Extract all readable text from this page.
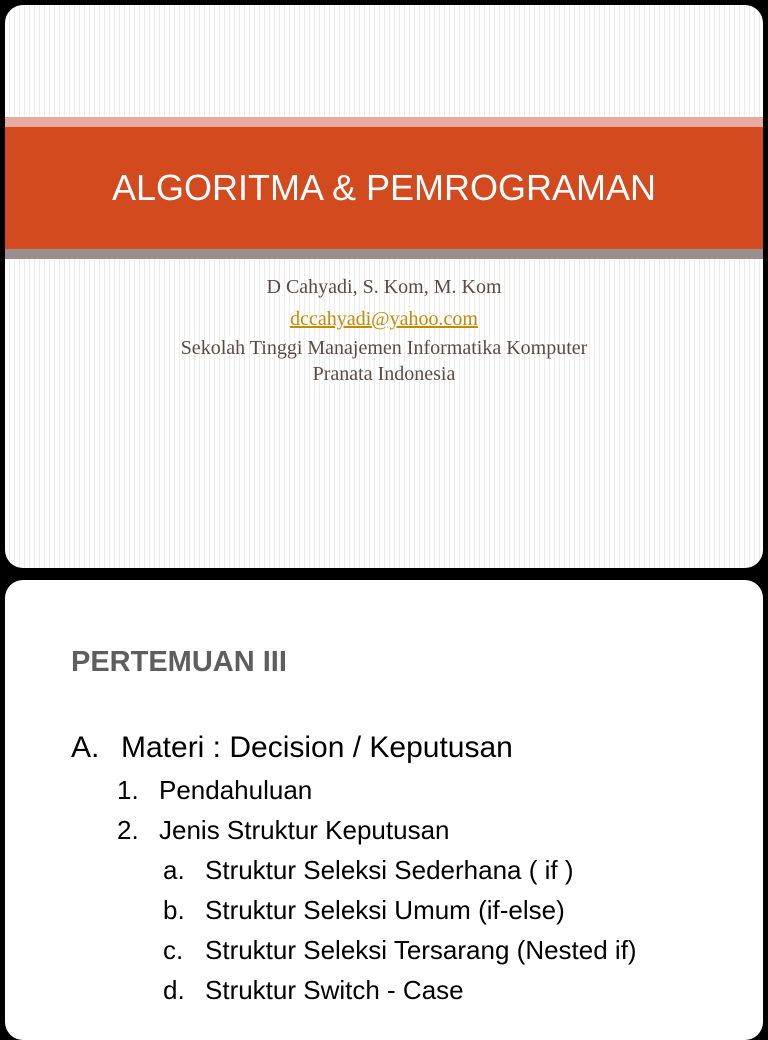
ALGORITMA & PEMROGRAMAN
D Cahyadi, S. Kom, M. Kom
dccahyadi@yahoo.com
Sekolah Tinggi Manajemen Informatika Komputer
Pranata Indonesia
PERTEMUAN III
A. Materi : Decision / Keputusan
1. Pendahuluan
2. Jenis Struktur Keputusan
a. Struktur Seleksi Sederhana ( if )
b. Struktur Seleksi Umum (if-else)
c. Struktur Seleksi Tersarang (Nested if)
d. Struktur Switch - Case
